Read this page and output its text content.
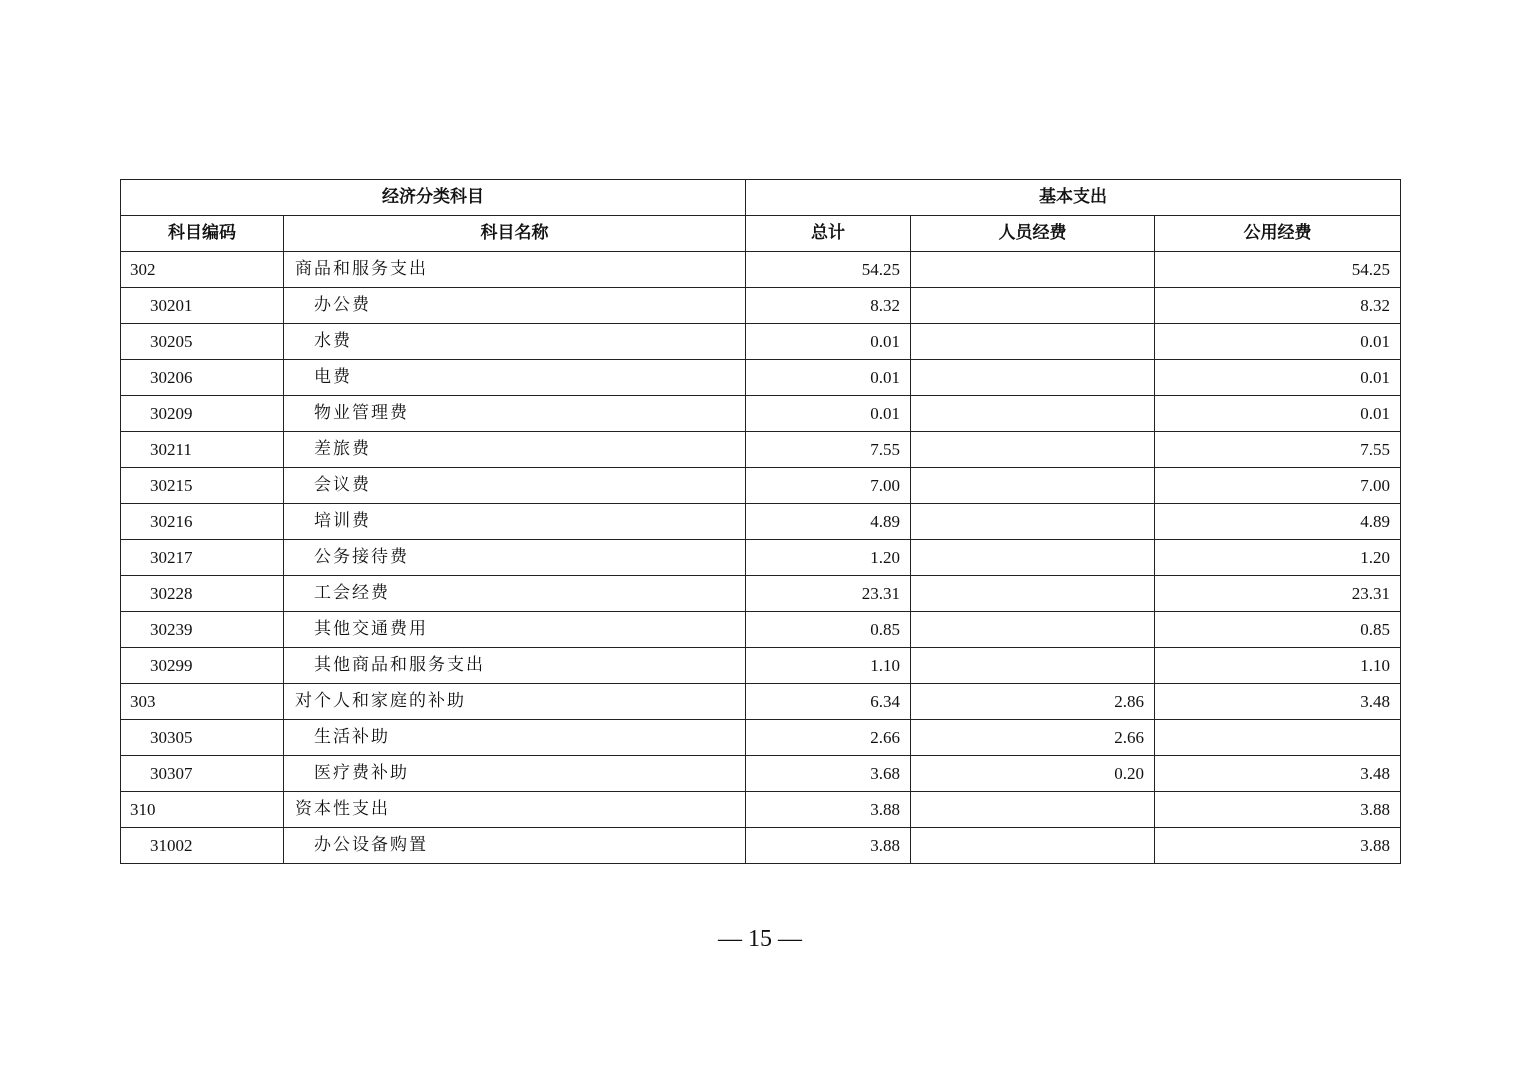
经济分类科目		基本支出		
科目编码	科目名称	总计	人员经费	公用经费
302	商品和服务支出	54.25		54.25
30201	办公费	8.32		8.32
30205	水费	0.01		0.01
30206	电费	0.01		0.01
30209	物业管理费	0.01		0.01
30211	差旅费	7.55		7.55
30215	会议费	7.00		7.00
30216	培训费	4.89		4.89
30217	公务接待费	1.20		1.20
30228	工会经费	23.31		23.31
30239	其他交通费用	0.85		0.85
30299	其他商品和服务支出	1.10		1.10
303	对个人和家庭的补助	6.34	2.86	3.48
30305	生活补助	2.66	2.66	
30307	医疗费补助	3.68	0.20	3.48
310	资本性支出	3.88		3.88
31002	办公设备购置	3.88		3.88
— 15 —
